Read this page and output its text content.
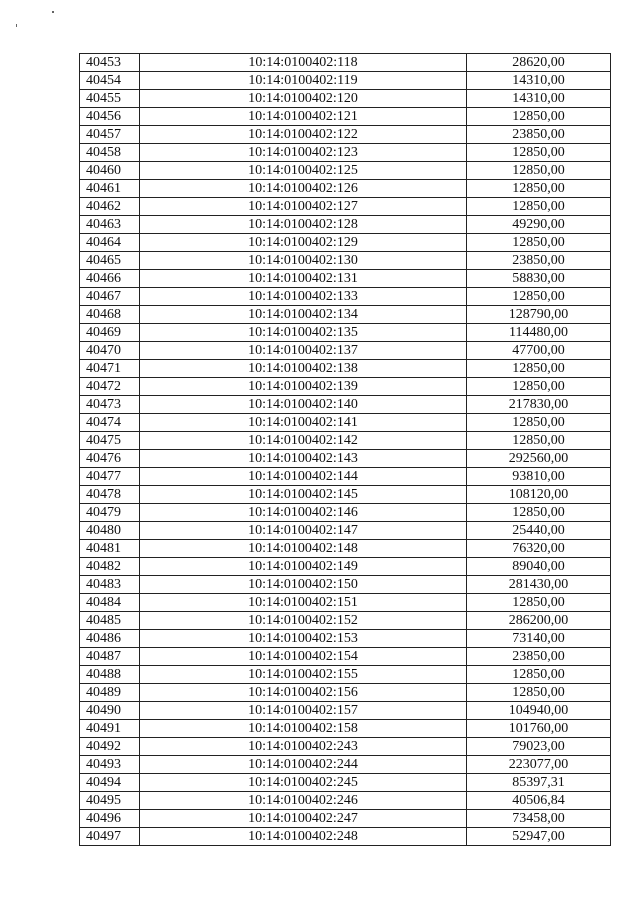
40453	10:14:0100402:118	28620,00
40454	10:14:0100402:119	14310,00
40455	10:14:0100402:120	14310,00
40456	10:14:0100402:121	12850,00
40457	10:14:0100402:122	23850,00
40458	10:14:0100402:123	12850,00
40460	10:14:0100402:125	12850,00
40461	10:14:0100402:126	12850,00
40462	10:14:0100402:127	12850,00
40463	10:14:0100402:128	49290,00
40464	10:14:0100402:129	12850,00
40465	10:14:0100402:130	23850,00
40466	10:14:0100402:131	58830,00
40467	10:14:0100402:133	12850,00
40468	10:14:0100402:134	128790,00
40469	10:14:0100402:135	114480,00
40470	10:14:0100402:137	47700,00
40471	10:14:0100402:138	12850,00
40472	10:14:0100402:139	12850,00
40473	10:14:0100402:140	217830,00
40474	10:14:0100402:141	12850,00
40475	10:14:0100402:142	12850,00
40476	10:14:0100402:143	292560,00
40477	10:14:0100402:144	93810,00
40478	10:14:0100402:145	108120,00
40479	10:14:0100402:146	12850,00
40480	10:14:0100402:147	25440,00
40481	10:14:0100402:148	76320,00
40482	10:14:0100402:149	89040,00
40483	10:14:0100402:150	281430,00
40484	10:14:0100402:151	12850,00
40485	10:14:0100402:152	286200,00
40486	10:14:0100402:153	73140,00
40487	10:14:0100402:154	23850,00
40488	10:14:0100402:155	12850,00
40489	10:14:0100402:156	12850,00
40490	10:14:0100402:157	104940,00
40491	10:14:0100402:158	101760,00
40492	10:14:0100402:243	79023,00
40493	10:14:0100402:244	223077,00
40494	10:14:0100402:245	85397,31
40495	10:14:0100402:246	40506,84
40496	10:14:0100402:247	73458,00
40497	10:14:0100402:248	52947,00
